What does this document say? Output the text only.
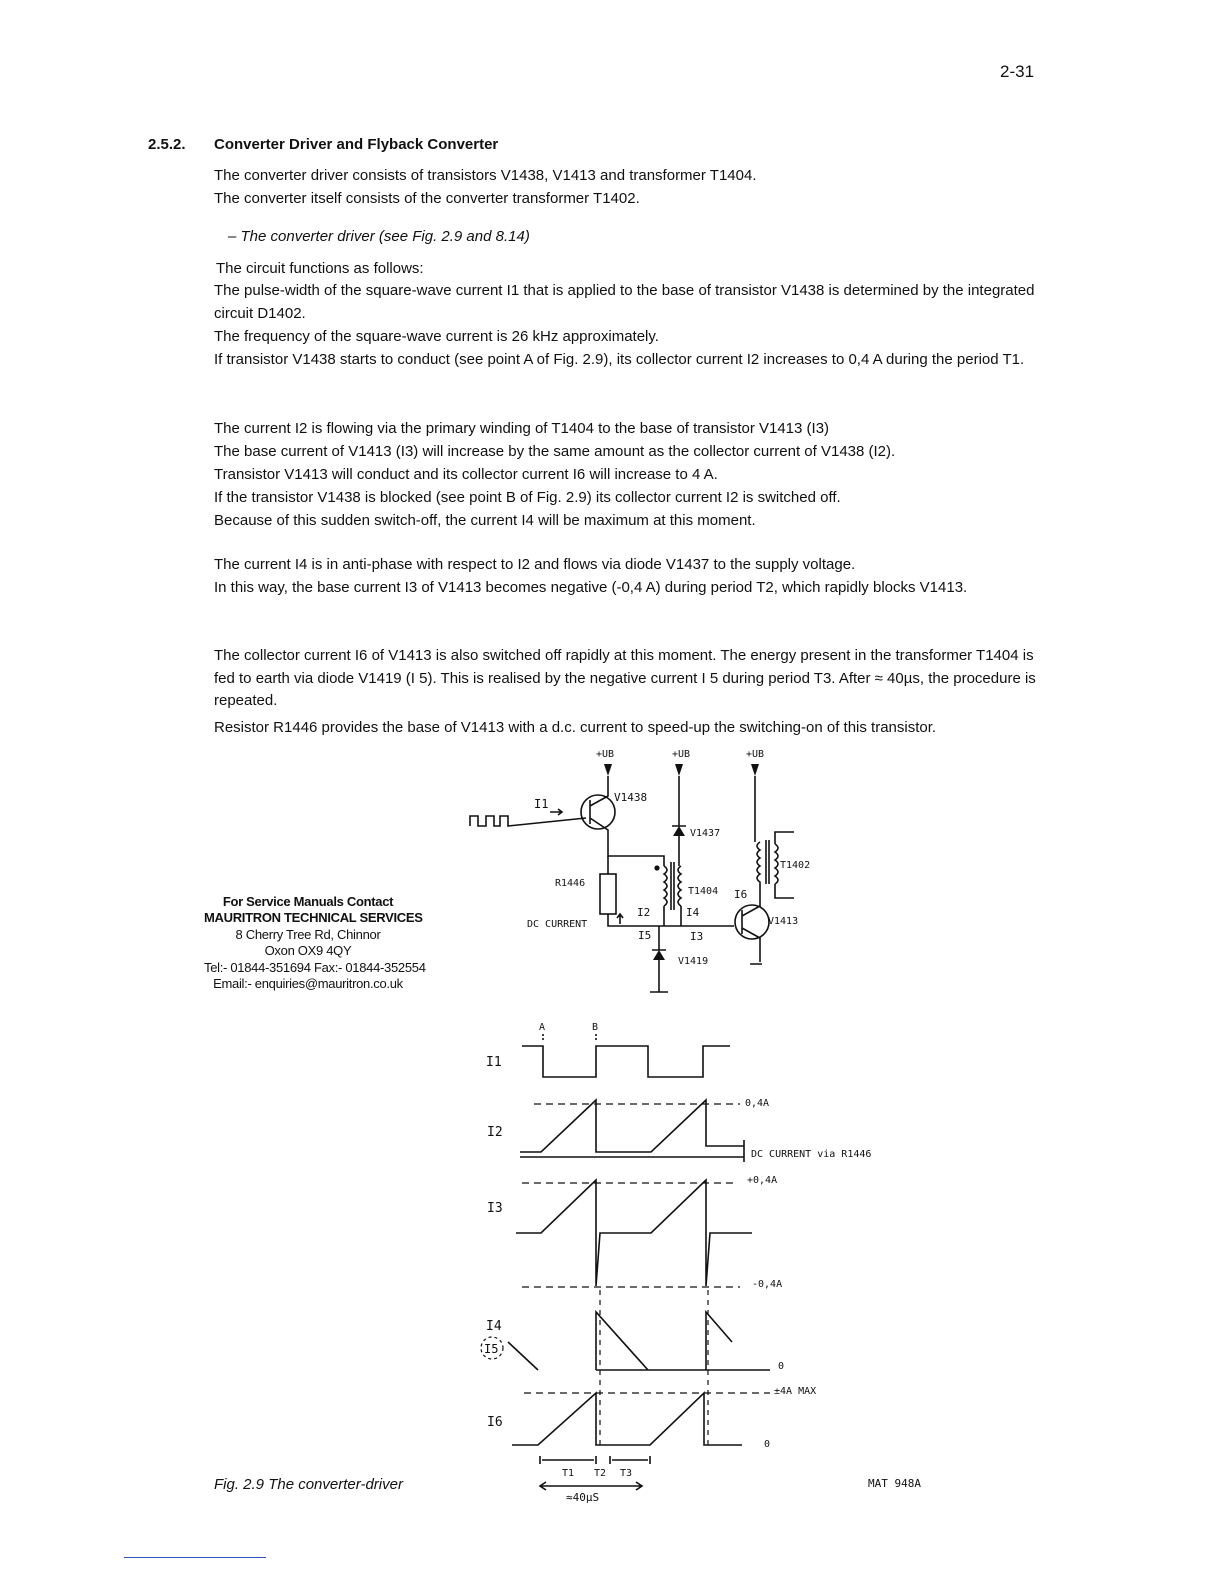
2-31
2.5.2. Converter Driver and Flyback Converter

The converter driver consists of transistors V1438, V1413 and transformer T1404.

The converter itself consists of the converter transformer T1402.

– The converter driver (see Fig. 2.9 and 8.14)

The circuit functions as follows:

The pulse-width of the square-wave current I1 that is applied to the base of transistor V1438 is determined by the integrated circuit D1402.

The frequency of the square-wave current is 26 kHz approximately.

If transistor V1438 starts to conduct (see point A of Fig. 2.9), its collector current I2 increases to 0,4 A during the period T1.

The current I2 is flowing via the primary winding of T1404 to the base of transistor V1413 (I3)

The base current of V1413 (I3) will increase by the same amount as the collector current of V1438 (I2).

Transistor V1413 will conduct and its collector current I6 will increase to 4 A.

If the transistor V1438 is blocked (see point B of Fig. 2.9) its collector current I2 is switched off.

Because of this sudden switch-off, the current I4 will be maximum at this moment.

The current I4 is in anti-phase with respect to I2 and flows via diode V1437 to the supply voltage.

In this way, the base current I3 of V1413 becomes negative (-0,4 A) during period T2, which rapidly blocks V1413.

The collector current I6 of V1413 is also switched off rapidly at this moment. The energy present in the transformer T1404 is fed to earth via diode V1419 (I 5). This is realised by the negative current I 5 during period T3. After ≈ 40µs, the procedure is repeated.

Resistor R1446 provides the base of V1413 with a d.c. current to speed-up the switching-on of this transistor.

For Service Manuals Contact
MAURITRON TECHNICAL SERVICES
8 Cherry Tree Rd, Chinnor
Oxon OX9 4QY
Tel:- 01844-351694 Fax:- 01844-352554
Email:- enquiries@mauritron.co.uk
+UB	+UB	+UB
I1	V1438
V1437
T1404
R1446
DC CURRENT
I2	I4
I5	I3
V1419
V1413
I6
T1402
A	B
I1
0,4A
I2
DC CURRENT via R1446
+0,4A
I3
-0,4A
I4
I5
0
±4A MAX
I6
0
T1 T2 T3
≈40µS
Fig. 2.9 The converter-driver	MAT 948A
